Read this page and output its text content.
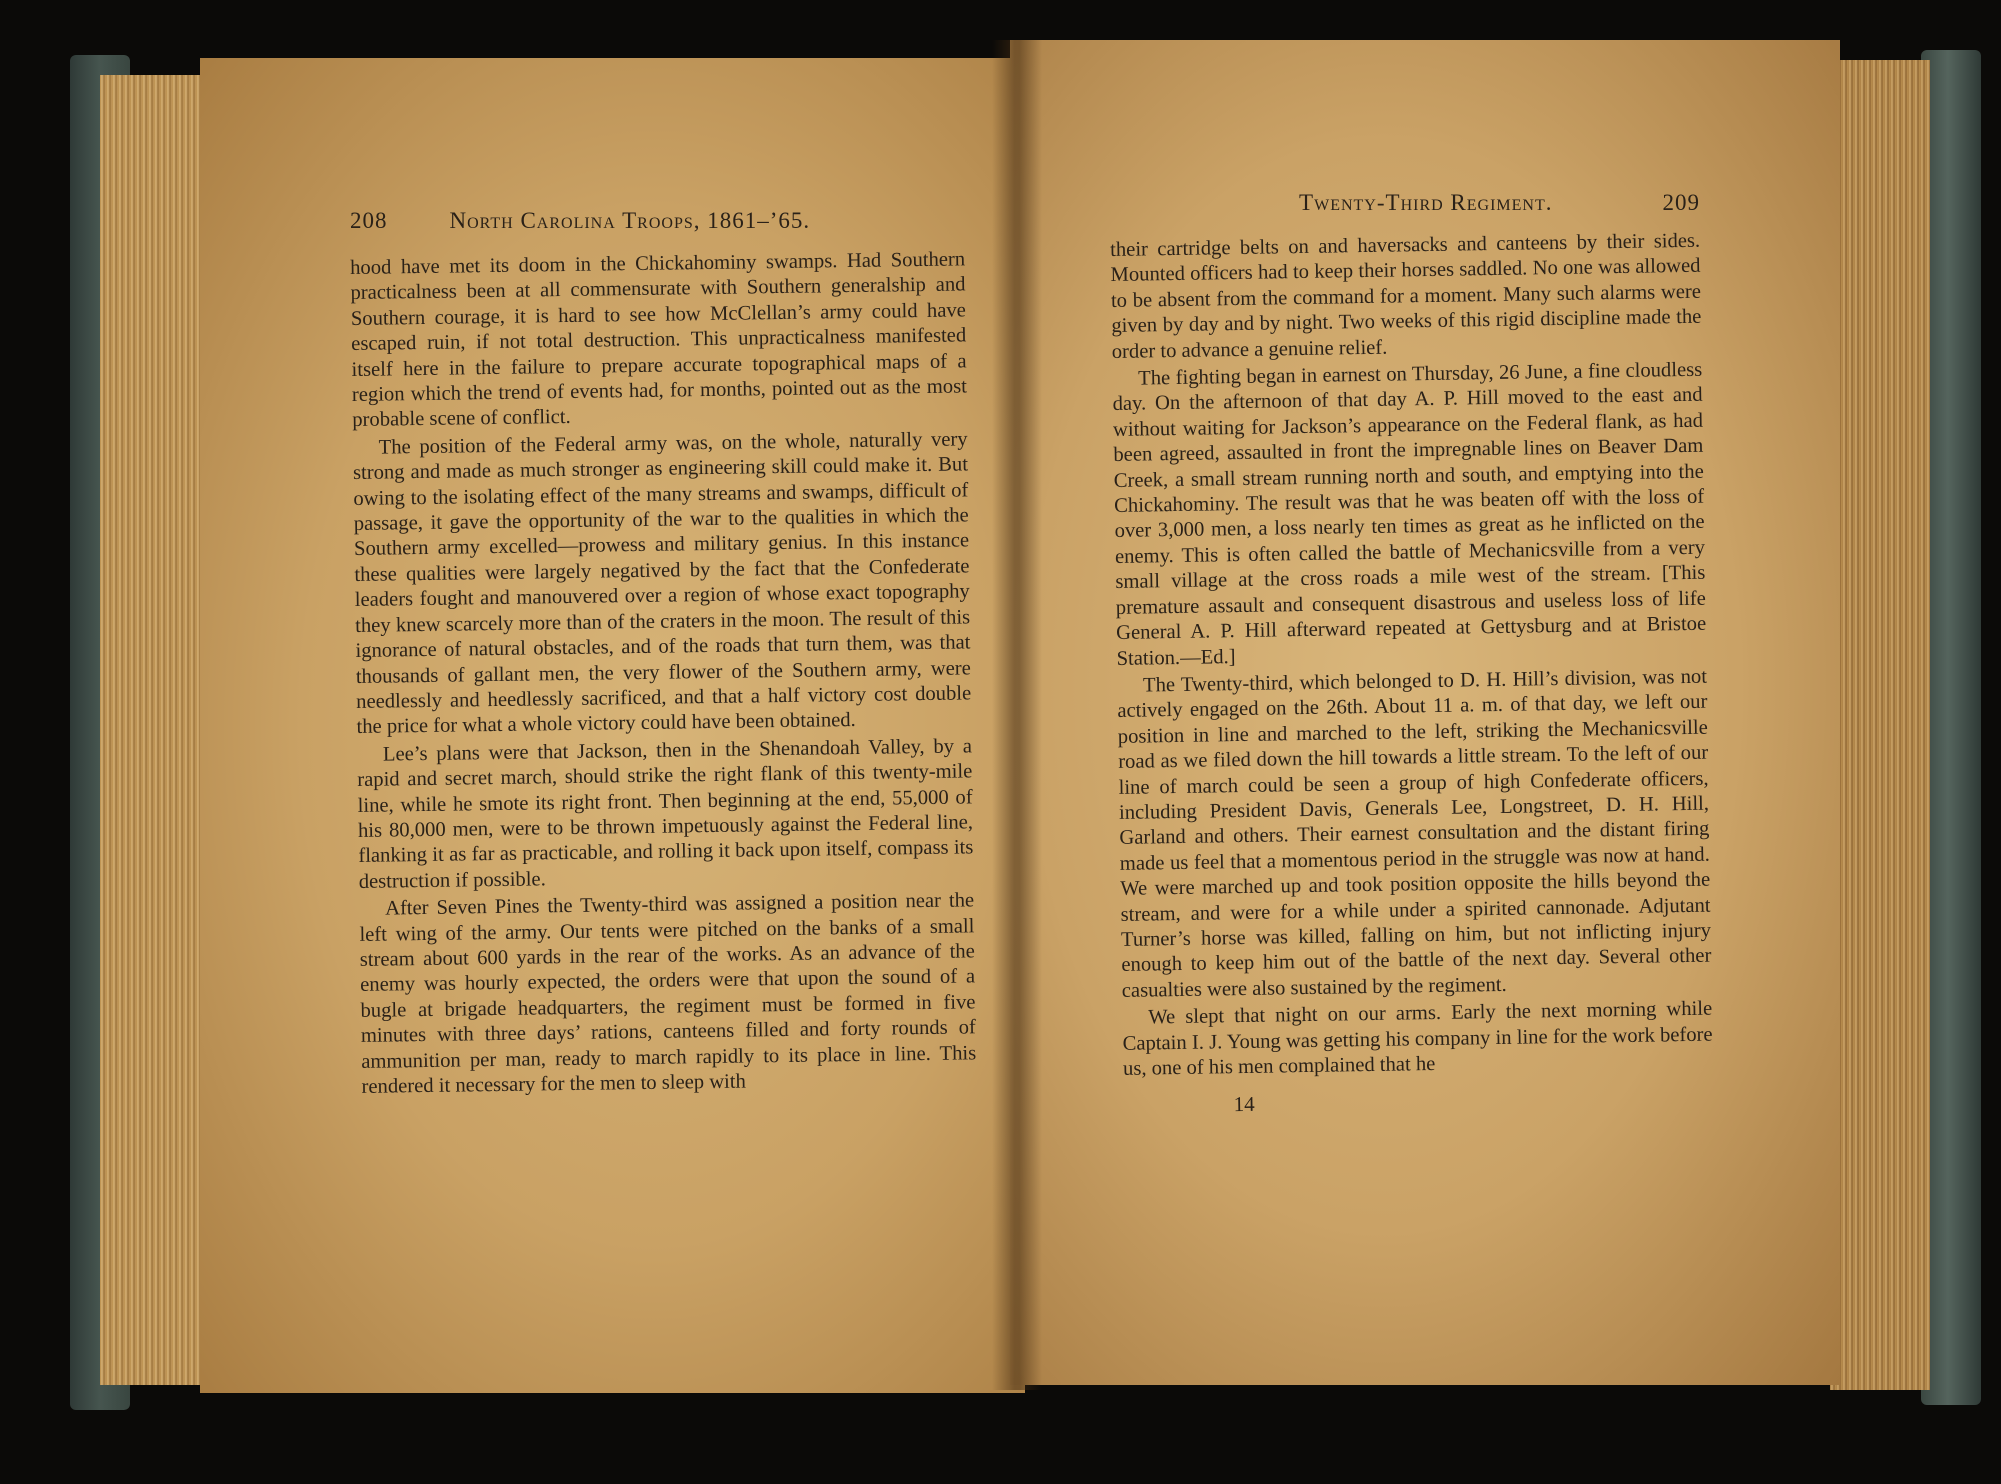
208	North Carolina Troops, 1861–’65.

hood have met its doom in the Chickahominy swamps. Had Southern practicalness been at all commensurate with Southern generalship and Southern courage, it is hard to see how McClellan’s army could have escaped ruin, if not total destruction. This unpracticalness manifested itself here in the failure to prepare accurate topographical maps of a region which the trend of events had, for months, pointed out as the most probable scene of conflict.

The position of the Federal army was, on the whole, naturally very strong and made as much stronger as engineering skill could make it. But owing to the isolating effect of the many streams and swamps, difficult of passage, it gave the opportunity of the war to the qualities in which the Southern army excelled—prowess and military genius. In this instance these qualities were largely negatived by the fact that the Confederate leaders fought and manouvered over a region of whose exact topography they knew scarcely more than of the craters in the moon. The result of this ignorance of natural obstacles, and of the roads that turn them, was that thousands of gallant men, the very flower of the Southern army, were needlessly and heedlessly sacrificed, and that a half victory cost double the price for what a whole victory could have been obtained.

Lee’s plans were that Jackson, then in the Shenandoah Valley, by a rapid and secret march, should strike the right flank of this twenty-mile line, while he smote its right front. Then beginning at the end, 55,000 of his 80,000 men, were to be thrown impetuously against the Federal line, flanking it as far as practicable, and rolling it back upon itself, compass its destruction if possible.

After Seven Pines the Twenty-third was assigned a position near the left wing of the army. Our tents were pitched on the banks of a small stream about 600 yards in the rear of the works. As an advance of the enemy was hourly expected, the orders were that upon the sound of a bugle at brigade headquarters, the regiment must be formed in five minutes with three days’ rations, canteens filled and forty rounds of ammunition per man, ready to march rapidly to its place in line. This rendered it necessary for the men to sleep with

Twenty-Third Regiment.	209

their cartridge belts on and haversacks and canteens by their sides. Mounted officers had to keep their horses saddled. No one was allowed to be absent from the command for a moment. Many such alarms were given by day and by night. Two weeks of this rigid discipline made the order to advance a genuine relief.

The fighting began in earnest on Thursday, 26 June, a fine cloudless day. On the afternoon of that day A. P. Hill moved to the east and without waiting for Jackson’s appearance on the Federal flank, as had been agreed, assaulted in front the impregnable lines on Beaver Dam Creek, a small stream running north and south, and emptying into the Chickahominy. The result was that he was beaten off with the loss of over 3,000 men, a loss nearly ten times as great as he inflicted on the enemy. This is often called the battle of Mechanicsville from a very small village at the cross roads a mile west of the stream. [This premature assault and consequent disastrous and useless loss of life General A. P. Hill afterward repeated at Gettysburg and at Bristoe Station.—Ed.]

The Twenty-third, which belonged to D. H. Hill’s division, was not actively engaged on the 26th. About 11 a. m. of that day, we left our position in line and marched to the left, striking the Mechanicsville road as we filed down the hill towards a little stream. To the left of our line of march could be seen a group of high Confederate officers, including President Davis, Generals Lee, Longstreet, D. H. Hill, Garland and others. Their earnest consultation and the distant firing made us feel that a momentous period in the struggle was now at hand. We were marched up and took position opposite the hills beyond the stream, and were for a while under a spirited cannonade. Adjutant Turner’s horse was killed, falling on him, but not inflicting injury enough to keep him out of the battle of the next day. Several other casualties were also sustained by the regiment.

We slept that night on our arms. Early the next morning while Captain I. J. Young was getting his company in line for the work before us, one of his men complained that he

14
